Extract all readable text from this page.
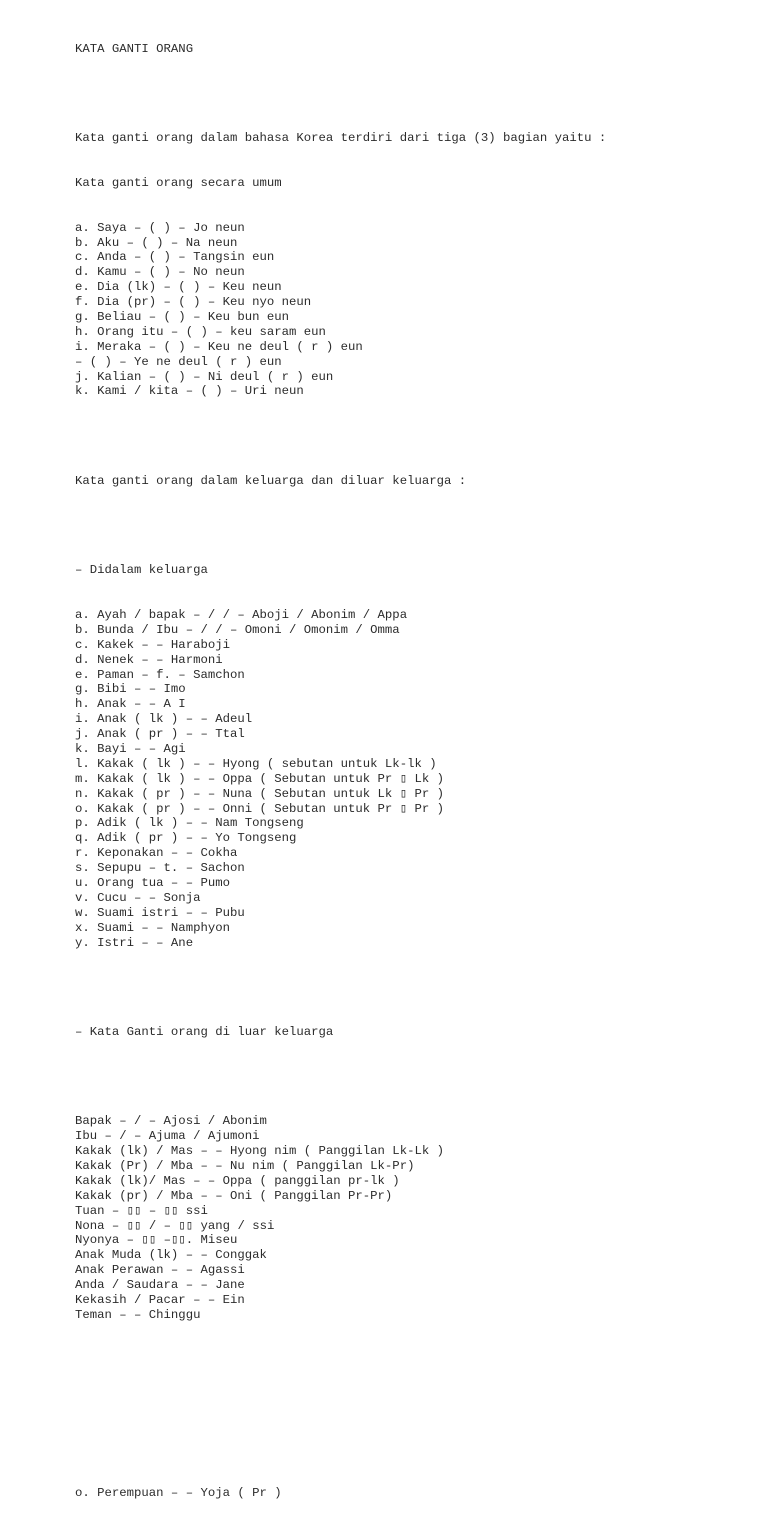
KATA GANTI ORANG

Kata ganti orang dalam bahasa Korea terdiri dari tiga (3) bagian yaitu :

Kata ganti orang secara umum

a. Saya – ( ) – Jo neun
b. Aku – ( ) – Na neun
c. Anda – ( ) – Tangsin eun
d. Kamu – ( ) – No neun
e. Dia (lk) – ( ) – Keu neun
f. Dia (pr) – ( ) – Keu nyo neun
g. Beliau – ( ) – Keu bun eun
h. Orang itu – ( ) – keu saram eun
i. Meraka – ( ) – Keu ne deul ( r ) eun
– ( ) – Ye ne deul ( r ) eun
j. Kalian – ( ) – Ni deul ( r ) eun
k. Kami / kita – ( ) – Uri neun

Kata ganti orang dalam keluarga dan diluar keluarga :

– Didalam keluarga

a. Ayah / bapak – / / – Aboji / Abonim / Appa
b. Bunda / Ibu – / / – Omoni / Omonim / Omma
c. Kakek – – Haraboji
d. Nenek – – Harmoni
e. Paman – f. – Samchon
g. Bibi – – Imo
h. Anak – – A I
i. Anak ( lk ) – – Adeul
j. Anak ( pr ) – – Ttal
k. Bayi – – Agi
l. Kakak ( lk ) – – Hyong ( sebutan untuk Lk-lk )
m. Kakak ( lk ) – – Oppa ( Sebutan untuk Pr ▯ Lk )
n. Kakak ( pr ) – – Nuna ( Sebutan untuk Lk ▯ Pr )
o. Kakak ( pr ) – – Onni ( Sebutan untuk Pr ▯ Pr )
p. Adik ( lk ) – – Nam Tongseng
q. Adik ( pr ) – – Yo Tongseng
r. Keponakan – – Cokha
s. Sepupu – t. – Sachon
u. Orang tua – – Pumo
v. Cucu – – Sonja
w. Suami istri – – Pubu
x. Suami – – Namphyon
y. Istri – – Ane

– Kata Ganti orang di luar keluarga

Bapak – / – Ajosi / Abonim
Ibu – / – Ajuma / Ajumoni
Kakak (lk) / Mas – – Hyong nim ( Panggilan Lk-Lk )
Kakak (Pr) / Mba – – Nu nim ( Panggilan Lk-Pr)
Kakak (lk)/ Mas – – Oppa ( panggilan pr-lk )
Kakak (pr) / Mba – – Oni ( Panggilan Pr-Pr)
Tuan – ▯▯ – ▯▯ ssi
Nona – ▯▯ / – ▯▯ yang / ssi
Nyonya – ▯▯ –▯▯. Miseu
Anak Muda (lk) – – Conggak
Anak Perawan – – Agassi
Anda / Saudara – – Jane
Kekasih / Pacar – – Ein
Teman – – Chinggu

o. Perempuan – – Yoja ( Pr )
